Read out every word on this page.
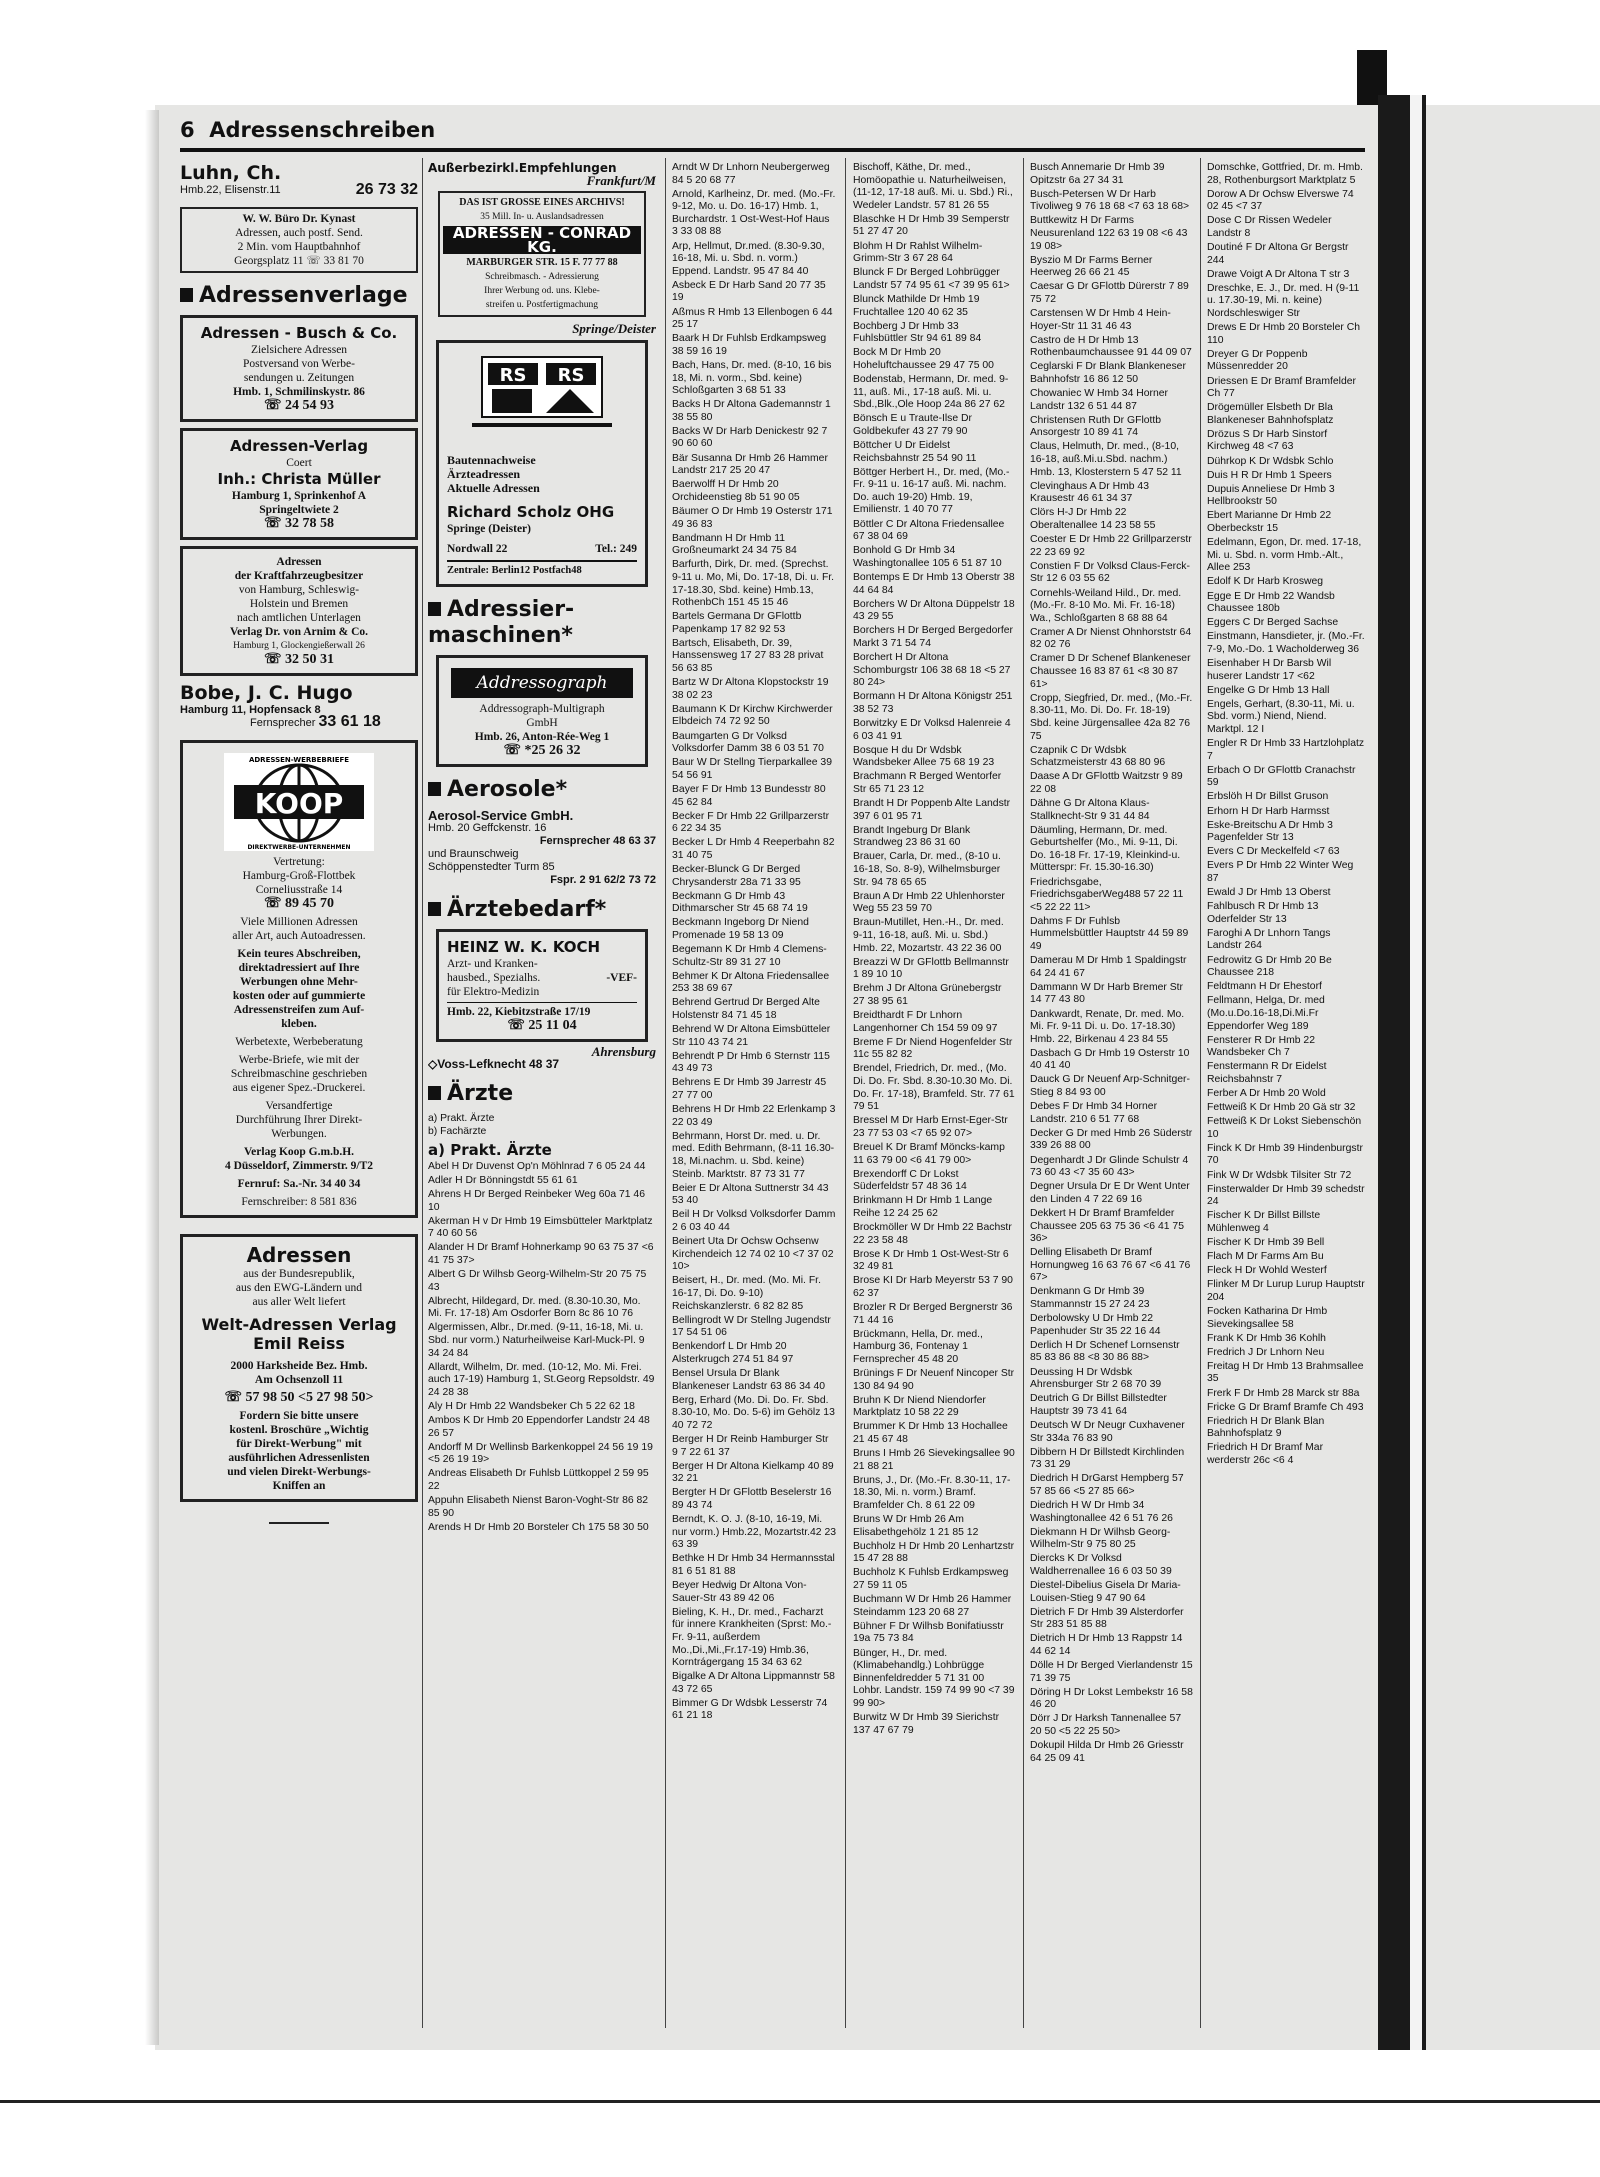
6 Adressenschreiben
Luhn, Ch.
Hmb.22, Elisenstr.11	26 73 32
W. W. Büro Dr. Kynast
Adressen, auch postf. Send.
2 Min. vom Hauptbahnhof
Georgsplatz 11 ☏ 33 81 70
Adressenverlage
Adressen - Busch & Co.
Zielsichere Adressen
Postversand von Werbe-
sendungen u. Zeitungen
Hmb. 1, Schmilinskystr. 86
☏ 24 54 93
Adressen-Verlag
Coert
Inh.: Christa Müller
Hamburg 1, Sprinkenhof A
Springeltwiete 2
☏ 32 78 58
Adressen
der Kraftfahrzeugbesitzer
von Hamburg, Schleswig-
Holstein und Bremen
nach amtlichen Unterlagen
Verlag Dr. von Arnim & Co.
Hamburg 1, Glockengießerwall 26
☏ 32 50 31
Bobe, J. C. Hugo
Hamburg 11, Hopfensack 8
Fernsprecher 33 61 18
ADRESSEN-WERBEBRIEFE
KOOP
DIREKTWERBE-UNTERNEHMEN
Vertretung:
Hamburg-Groß-Flottbek
Corneliusstraße 14
☏ 89 45 70
Viele Millionen Adressen
aller Art, auch Autoadressen.
Kein teures Abschreiben,
direktadressiert auf Ihre
Werbungen ohne Mehr-
kosten oder auf gummierte
Adressenstreifen zum Auf-
kleben.
Werbetexte, Werbeberatung
Werbe-Briefe, wie mit der
Schreibmaschine geschrieben
aus eigener Spez.-Druckerei.
Versandfertige
Durchführung Ihrer Direkt-
Werbungen.
Verlag Koop G.m.b.H.
4 Düsseldorf, Zimmerstr. 9/T2
Fernruf: Sa.-Nr. 34 40 34
Fernschreiber: 8 581 836
Adressen
aus der Bundesrepublik,
aus den EWG-Ländern und
aus aller Welt liefert
Welt-Adressen Verlag Emil Reiss
2000 Harksheide Bez. Hmb.
Am Ochsenzoll 11
☏ 57 98 50 <5 27 98 50>
Fordern Sie bitte unsere
kostenl. Broschüre „Wichtig
für Direkt-Werbung" mit
ausführlichen Adressenlisten
und vielen Direkt-Werbungs-
Kniffen an
Außerbezirkl.Empfehlungen
Frankfurt/M
DAS IST GROSSE EINES ARCHIVS!
35 Mill. In- u. Auslandsadressen
ADRESSEN - CONRAD KG.
MARBURGER STR. 15 F. 77 77 88
Schreibmasch. - Adressierung
Ihrer Werbung od. uns. Klebe-
streifen u. Postfertigmachung
Springe/Deister
RS RS
Bautennachweise
Ärzteadressen
Aktuelle Adressen
Richard Scholz OHG
Springe (Deister)
Nordwall 22	Tel.: 249
Zentrale: Berlin12 Postfach48
Adressier-maschinen*
Addressograph
Addressograph-Multigraph
GmbH
Hmb. 26, Anton-Rée-Weg 1
☏ *25 26 32
Aerosole*
Aerosol-Service GmbH.
Hmb. 20 Geffckenstr. 16
Fernsprecher 48 63 37
und Braunschweig
Schöppenstedter Turm 85
Fspr. 2 91 62/2 73 72
Ärztebedarf*
HEINZ W. K. KOCH
Arzt- und Kranken-
hausbed., Spezialhs.	-VEF-
für Elektro-Medizin
Hmb. 22, Kiebitzstraße 17/19
☏ 25 11 04
Ahrensburg
◇Voss-Lefknecht 48 37
Ärzte
a) Prakt. Ärzte
b) Fachärzte
a) Prakt. Ärzte

Abel H Dr Duvenst Op'n Möhlnrad 7 6 05 24 44

Adler H Dr Bönningstdt 55 61 61

Ahrens H Dr Berged Reinbeker Weg 60a 71 46 10

Akerman H v Dr Hmb 19 Eimsbütteler Marktplatz 7 40 60 56

Alander H Dr Bramf Hohnerkamp 90 63 75 37 <6 41 75 37>

Albert G Dr Wilhsb Georg-Wilhelm-Str 20 75 75 43

Albrecht, Hildegard, Dr. med. (8.30-10.30, Mo. Mi. Fr. 17-18) Am Osdorfer Born 8c 86 10 76

Algermissen, Albr., Dr.med. (9-11, 16-18, Mi. u. Sbd. nur vorm.) Naturheilweise Karl-Muck-Pl. 9 34 24 84

Allardt, Wilhelm, Dr. med. (10-12, Mo. Mi. Frei. auch 17-19) Hamburg 1, St.Georg Repsoldstr. 49 24 28 38

Aly H Dr Hmb 22 Wandsbeker Ch 5 22 62 18

Ambos K Dr Hmb 20 Eppendorfer Landstr 24 48 26 57

Andorff M Dr Wellinsb Barkenkoppel 24 56 19 19 <5 26 19 19>

Andreas Elisabeth Dr Fuhlsb Lüttkoppel 2 59 95 22

Appuhn Elisabeth Nienst Baron-Voght-Str 86 82 85 90

Arends H Dr Hmb 20 Borsteler Ch 175 58 30 50

Arndt W Dr Lnhorn Neubergerweg 84 5 20 68 77

Arnold, Karlheinz, Dr. med. (Mo.-Fr. 9-12, Mo. u. Do. 16-17) Hmb. 1, Burchardstr. 1 Ost-West-Hof Haus 3 33 08 88

Arp, Hellmut, Dr.med. (8.30-9.30, 16-18, Mi. u. Sbd. n. vorm.) Eppend. Landstr. 95 47 84 40

Asbeck E Dr Harb Sand 20 77 35 19

Aßmus R Hmb 13 Ellenbogen 6 44 25 17

Baark H Dr Fuhlsb Erdkampsweg 38 59 16 19

Bach, Hans, Dr. med. (8-10, 16 bis 18, Mi. n. vorm., Sbd. keine) Schloßgarten 3 68 51 33

Backs H Dr Altona Gademannstr 1 38 55 80

Backs W Dr Harb Denickestr 92 7 90 60 60

Bär Susanna Dr Hmb 26 Hammer Landstr 217 25 20 47

Baerwolff H Dr Hmb 20 Orchideenstieg 8b 51 90 05

Bäumer O Dr Hmb 19 Osterstr 171 49 36 83

Bandmann H Dr Hmb 11 Großneumarkt 24 34 75 84

Barfurth, Dirk, Dr. med. (Sprechst. 9-11 u. Mo, Mi, Do. 17-18, Di. u. Fr. 17-18.30, Sbd. keine) Hmb.13, RothenbCh 151 45 15 46

Bartels Germana Dr GFlottb Papenkamp 17 82 92 53

Bartsch, Elisabeth, Dr. 39, Hanssensweg 17 27 83 28 privat 56 63 85

Bartz W Dr Altona Klopstockstr 19 38 02 23

Baumann K Dr Kirchw Kirchwerder Elbdeich 74 72 92 50

Baumgarten G Dr Volksd Volksdorfer Damm 38 6 03 51 70

Baur W Dr Stellng Tierparkallee 39 54 56 91

Bayer F Dr Hmb 13 Bundesstr 80 45 62 84

Becker F Dr Hmb 22 Grillparzerstr 6 22 34 35

Becker L Dr Hmb 4 Reeperbahn 82 31 40 75

Becker-Blunck G Dr Berged Chrysanderstr 28a 71 33 95

Beckmann G Dr Hmb 43 Dithmarscher Str 45 68 74 19

Beckmann Ingeborg Dr Niend Promenade 19 58 13 09

Begemann K Dr Hmb 4 Clemens-Schultz-Str 89 31 27 10

Behmer K Dr Altona Friedensallee 253 38 69 67

Behrend Gertrud Dr Berged Alte Holstenstr 84 71 45 18

Behrend W Dr Altona Eimsbütteler Str 110 43 74 21

Behrendt P Dr Hmb 6 Sternstr 115 43 49 73

Behrens E Dr Hmb 39 Jarrestr 45 27 77 00

Behrens H Dr Hmb 22 Erlenkamp 3 22 03 49

Behrmann, Horst Dr. med. u. Dr. med. Edith Behrmann, (8-11 16.30-18, Mi.nachm. u. Sbd. keine) Steinb. Marktstr. 87 73 31 77

Beier E Dr Altona Suttnerstr 34 43 53 40

Beil H Dr Volksd Volksdorfer Damm 2 6 03 40 44

Beinert Uta Dr Ochsw Ochsenw Kirchendeich 12 74 02 10 <7 37 02 10>

Beisert, H., Dr. med. (Mo. Mi. Fr. 16-17, Di. Do. 9-10) Reichskanzlerstr. 6 82 82 85

Bellingrodt W Dr Stellng Jugendstr 17 54 51 06

Benkendorf L Dr Hmb 20 Alsterkrugch 274 51 84 97

Bensel Ursula Dr Blank Blankeneser Landstr 63 86 34 40

Berg, Erhard (Mo. Di. Do. Fr. Sbd. 8.30-10, Mo. Do. 5-6) im Gehölz 13 40 72 72

Berger H Dr Reinb Hamburger Str 9 7 22 61 37

Berger H Dr Altona Kielkamp 40 89 32 21

Bergter H Dr GFlottb Beselerstr 16 89 43 74

Berndt, K. O. J. (8-10, 16-19, Mi. nur vorm.) Hmb.22, Mozartstr.42 23 63 39

Bethke H Dr Hmb 34 Hermannsstal 81 6 51 81 88

Beyer Hedwig Dr Altona Von-Sauer-Str 43 89 42 06

Bieling, K. H., Dr. med., Facharzt für innere Krankheiten (Sprst: Mo.-Fr. 9-11, außerdem Mo.,Di.,Mi.,Fr.17-19) Hmb.36, Korntrágergang 15 34 63 62

Bigalke A Dr Altona Lippmannstr 58 43 72 65

Bimmer G Dr Wdsbk Lesserstr 74 61 21 18

Bischoff, Käthe, Dr. med., Homöopathie u. Naturheilweisen, (11-12, 17-18 auß. Mi. u. Sbd.) Ri., Wedeler Landstr. 57 81 26 55

Blaschke H Dr Hmb 39 Semperstr 51 27 47 20

Blohm H Dr Rahlst Wilhelm-Grimm-Str 3 67 28 64

Blunck F Dr Berged Lohbrügger Landstr 57 74 95 61 <7 39 95 61>

Blunck Mathilde Dr Hmb 19 Fruchtallee 120 40 62 35

Bochberg J Dr Hmb 33 Fuhlsbüttler Str 94 61 89 84

Bock M Dr Hmb 20 Hoheluftchaussee 29 47 75 00

Bodenstab, Hermann, Dr. med. 9-11, auß. Mi., 17-18 auß. Mi. u. Sbd.,Blk.,Ole Hoop 24a 86 27 62

Bönsch E u Traute-Ilse Dr Goldbekufer 43 27 79 90

Böttcher U Dr Eidelst Reichsbahnstr 25 54 90 11

Böttger Herbert H., Dr. med, (Mo.-Fr. 9-11 u. 16-17 auß. Mi. nachm. Do. auch 19-20) Hmb. 19, Emilienstr. 1 40 70 77

Böttler C Dr Altona Friedensallee 67 38 04 69

Bonhold G Dr Hmb 34 Washingtonallee 105 6 51 87 10

Bontemps E Dr Hmb 13 Oberstr 38 44 64 84

Borchers W Dr Altona Düppelstr 18 43 29 55

Borchers H Dr Berged Bergedorfer Markt 3 71 54 74

Borchert H Dr Altona Schomburgstr 106 38 68 18 <5 27 80 24>

Bormann H Dr Altona Königstr 251 38 52 73

Borwitzky E Dr Volksd Halenreie 4 6 03 41 91

Bosque H du Dr Wdsbk Wandsbeker Allee 75 68 19 23

Brachmann R Berged Wentorfer Str 65 71 23 12

Brandt H Dr Poppenb Alte Landstr 397 6 01 95 71

Brandt Ingeburg Dr Blank Strandweg 23 86 31 60

Brauer, Carla, Dr. med., (8-10 u. 16-18, So. 8-9), Wilhelmsburger Str. 94 78 65 65

Braun A Dr Hmb 22 Uhlenhorster Weg 55 23 59 70

Braun-Mutillet, Hen.-H., Dr. med. 9-11, 16-18, auß. Mi. u. Sbd.) Hmb. 22, Mozartstr. 43 22 36 00

Breazzi W Dr GFlottb Bellmannstr 1 89 10 10

Brehm J Dr Altona Grünebergstr 27 38 95 61

Breidthardt F Dr Lnhorn Langenhorner Ch 154 59 09 97

Breme F Dr Niend Hogenfelder Str 11c 55 82 82

Brendel, Friedrich, Dr. med., (Mo. Di. Do. Fr. Sbd. 8.30-10.30 Mo. Di. Do. Fr. 17-18), Bramfeld. Str. 77 61 79 51

Bressel M Dr Harb Ernst-Eger-Str 23 77 53 03 <7 65 92 07>

Breuel K Dr Bramf Möncks-kamp 11 63 79 00 <6 41 79 00>

Brexendorff C Dr Lokst Süderfeldstr 57 48 36 14

Brinkmann H Dr Hmb 1 Lange Reihe 12 24 25 62

Brockmöller W Dr Hmb 22 Bachstr 22 23 58 48

Brose K Dr Hmb 1 Ost-West-Str 6 32 49 81

Brose KI Dr Harb Meyerstr 53 7 90 62 37

Brozler R Dr Berged Bergnerstr 36 71 44 16

Brückmann, Hella, Dr. med., Hamburg 36, Fontenay 1 Fernsprecher 45 48 20

Brünings F Dr Neuenf Nincoper Str 130 84 94 90

Bruhn K Dr Niend Niendorfer Marktplatz 10 58 22 29

Brummer K Dr Hmb 13 Hochallee 21 45 67 48

Bruns I Hmb 26 Sievekingsallee 90 21 88 21

Bruns, J., Dr. (Mo.-Fr. 8.30-11, 17-18.30, Mi. n. vorm.) Bramf. Bramfelder Ch. 8 61 22 09

Bruns W Dr Hmb 26 Am Elisabethgehölz 1 21 85 12

Buchholz H Dr Hmb 20 Lenhartzstr 15 47 28 88

Buchholz K Fuhlsb Erdkampsweg 27 59 11 05

Buchmann W Dr Hmb 26 Hammer Steindamm 123 20 68 27

Bühner F Dr Wilhsb Bonifatiusstr 19a 75 73 84

Bünger, H., Dr. med. (Klimabehandlg.) Lohbrügge Binnenfeldredder 5 71 31 00 Lohbr. Landstr. 159 74 99 90 <7 39 99 90>

Burwitz W Dr Hmb 39 Sierichstr 137 47 67 79

Busch Annemarie Dr Hmb 39 Opitzstr 6a 27 34 31

Busch-Petersen W Dr Harb Tivoliweg 9 76 18 68 <7 63 18 68>

Buttkewitz H Dr Farms Neusurenland 122 63 19 08 <6 43 19 08>

Byszio M Dr Farms Berner Heerweg 26 66 21 45

Caesar G Dr GFlottb Dürerstr 7 89 75 72

Carstensen W Dr Hmb 4 Hein-Hoyer-Str 11 31 46 43

Castro de H Dr Hmb 13 Rothenbaumchaussee 91 44 09 07

Ceglarski F Dr Blank Blankeneser Bahnhofstr 16 86 12 50

Chowaniec W Hmb 34 Horner Landstr 132 6 51 44 87

Christensen Ruth Dr GFlottb Ansorgestr 10 89 41 74

Claus, Helmuth, Dr. med., (8-10, 16-18, auß.Mi.u.Sbd. nachm.) Hmb. 13, Klosterstern 5 47 52 11

Clevinghaus A Dr Hmb 43 Krausestr 46 61 34 37

Clörs H-J Dr Hmb 22 Oberaltenallee 14 23 58 55

Coester E Dr Hmb 22 Grillparzerstr 22 23 69 92

Constien F Dr Volksd Claus-Ferck-Str 12 6 03 55 62

Cornehls-Weiland Hild., Dr. med. (Mo.-Fr. 8-10 Mo. Mi. Fr. 16-18) Wa., Schloßgarten 8 68 88 64

Cramer A Dr Nienst Ohnhorststr 64 82 02 76

Cramer D Dr Schenef Blankeneser Chaussee 16 83 87 61 <8 30 87 61>

Cropp, Siegfried, Dr. med., (Mo.-Fr. 8.30-11, Mo. Di. Do. Fr. 18-19) Sbd. keine Jürgensallee 42a 82 76 75

Czapnik C Dr Wdsbk Schatzmeisterstr 43 68 80 96

Daase A Dr GFlottb Waitzstr 9 89 22 08

Dähne G Dr Altona Klaus-Stallknecht-Str 9 31 44 84

Däumling, Hermann, Dr. med. Geburtshelfer (Mo., Mi. 9-11, Di. Do. 16-18 Fr. 17-19, Kleinkind-u. Mütterspr: Fr. 15.30-16.30)

Friedrichsgabe, FriedrichsgaberWeg488 57 22 11 <5 22 22 11>

Dahms F Dr Fuhlsb Hummelsbüttler Hauptstr 44 59 89 49

Damerau M Dr Hmb 1 Spaldingstr 64 24 41 67

Dammann W Dr Harb Bremer Str 14 77 43 80

Dankwardt, Renate, Dr. med. Mo. Mi. Fr. 9-11 Di. u. Do. 17-18.30) Hmb. 22, Birkenau 4 23 84 55

Dasbach G Dr Hmb 19 Osterstr 10 40 41 40

Dauck G Dr Neuenf Arp-Schnitger-Stieg 8 84 93 00

Debes F Dr Hmb 34 Horner Landstr. 210 6 51 77 68

Decker G Dr med Hmb 26 Süderstr 339 26 88 00

Degenhardt J Dr Glinde Schulstr 4 73 60 43 <7 35 60 43>

Degner Ursula Dr E Dr Went Unter den Linden 4 7 22 69 16

Dekkert H Dr Bramf Bramfelder Chaussee 205 63 75 36 <6 41 75 36>

Delling Elisabeth Dr Bramf Hornungweg 16 63 76 67 <6 41 76 67>

Denkmann G Dr Hmb 39 Stammannstr 15 27 24 23

Derbolowsky U Dr Hmb 22 Papenhuder Str 35 22 16 44

Derlich H Dr Schenef Lornsenstr 85 83 86 88 <8 30 86 88>

Deussing H Dr Wdsbk Ahrensburger Str 2 68 70 39

Deutrich G Dr Billst Billstedter Hauptstr 39 73 41 64

Deutsch W Dr Neugr Cuxhavener Str 334a 76 83 90

Dibbern H Dr Billstedt Kirchlinden 73 31 29

Diedrich H DrGarst Hempberg 57 57 85 66 <5 27 85 66>

Diedrich H W Dr Hmb 34 Washingtonallee 42 6 51 76 26

Diekmann H Dr Wilhsb Georg-Wilhelm-Str 9 75 80 25

Diercks K Dr Volksd Waldherrenallee 16 6 03 50 39

Diestel-Dibelius Gisela Dr Maria-Louisen-Stieg 9 47 90 64

Dietrich F Dr Hmb 39 Alsterdorfer Str 283 51 85 88

Dietrich H Dr Hmb 13 Rappstr 14 44 62 14

Dölle H Dr Berged Vierlandenstr 15 71 39 75

Döring H Dr Lokst Lembekstr 16 58 46 20

Dörr J Dr Harksh Tannenallee 57 20 50 <5 22 25 50>

Dokupil Hilda Dr Hmb 26 Griesstr 64 25 09 41

Domschke, Gottfried, Dr. m. Hmb. 28, Rothenburgsort Marktplatz 5

Dorow A Dr Ochsw Elverswe 74 02 45 <7 37

Dose C Dr Rissen Wedeler Landstr 8

Doutiné F Dr Altona Gr Bergstr 244

Drawe Voigt A Dr Altona T str 3

Dreschke, E. J., Dr. med. H (9-11 u. 17.30-19, Mi. n. keine) Nordschleswiger Str

Drews E Dr Hmb 20 Borsteler Ch 110

Dreyer G Dr Poppenb Müssenredder 20

Driessen E Dr Bramf Bramfelder Ch 77

Drögemüller Elsbeth Dr Bla Blankeneser Bahnhofsplatz

Drözus S Dr Harb Sinstorf Kirchweg 48 <7 63

Dührkop K Dr Wdsbk Schlo

Duis H R Dr Hmb 1 Speers

Dupuis Anneliese Dr Hmb 3 Hellbrookstr 50

Ebert Marianne Dr Hmb 22 Oberbeckstr 15

Edelmann, Egon, Dr. med. 17-18, Mi. u. Sbd. n. vorm Hmb.-Alt., Allee 253

Edolf K Dr Harb Krosweg

Egge E Dr Hmb 22 Wandsb Chaussee 180b

Eggers C Dr Berged Sachse

Einstmann, Hansdieter, jr. (Mo.-Fr. 7-9, Mo.-Do. 1 Wacholderweg 36

Eisenhaber H Dr Barsb Wil huserer Landstr 17 <62

Engelke G Dr Hmb 13 Hall

Engels, Gerhart, (8.30-11, Mi. u. Sbd. vorm.) Niend, Niend. Marktpl. 12 I

Engler R Dr Hmb 33 Hartzlohplatz 7

Erbach O Dr GFlottb Cranachstr 59

Erbslöh H Dr Billst Gruson

Erhorn H Dr Harb Harmsst

Eske-Breitschu A Dr Hmb 3 Pagenfelder Str 13

Evers C Dr Meckelfeld <7 63

Evers P Dr Hmb 22 Winter Weg 87

Ewald J Dr Hmb 13 Oberst

Fahlbusch R Dr Hmb 13 Oderfelder Str 13

Faroghi A Dr Lnhorn Tangs Landstr 264

Fedrowitz G Dr Hmb 20 Be Chaussee 218

Feldtmann H Dr Ehestorf

Fellmann, Helga, Dr. med (Mo.u.Do.16-18,Di.Mi.Fr Eppendorfer Weg 189

Fensterer R Dr Hmb 22 Wandsbeker Ch 7

Fenstermann R Dr Eidelst Reichsbahnstr 7

Ferber A Dr Hmb 20 Wold

Fettweiß K Dr Hmb 20 Gä str 32

Fettweiß K Dr Lokst Siebenschön 10

Finck K Dr Hmb 39 Hindenburgstr 70

Fink W Dr Wdsbk Tilsiter Str 72

Finsterwalder Dr Hmb 39 schedstr 24

Fischer K Dr Billst Billste Mühlenweg 4

Fischer K Dr Hmb 39 Bell

Flach M Dr Farms Am Bu

Fleck H Dr Wohld Westerf

Flinker M Dr Lurup Lurup Hauptstr 204

Focken Katharina Dr Hmb Sievekingsallee 58

Frank K Dr Hmb 36 Kohlh

Fredrich J Dr Lnhorn Neu

Freitag H Dr Hmb 13 Brahmsallee 35

Frerk F Dr Hmb 28 Marck str 88a

Fricke G Dr Bramf Bramfe Ch 493

Friedrich H Dr Blank Blan Bahnhofsplatz 9

Friedrich H Dr Bramf Mar werderstr 26c <6 4
